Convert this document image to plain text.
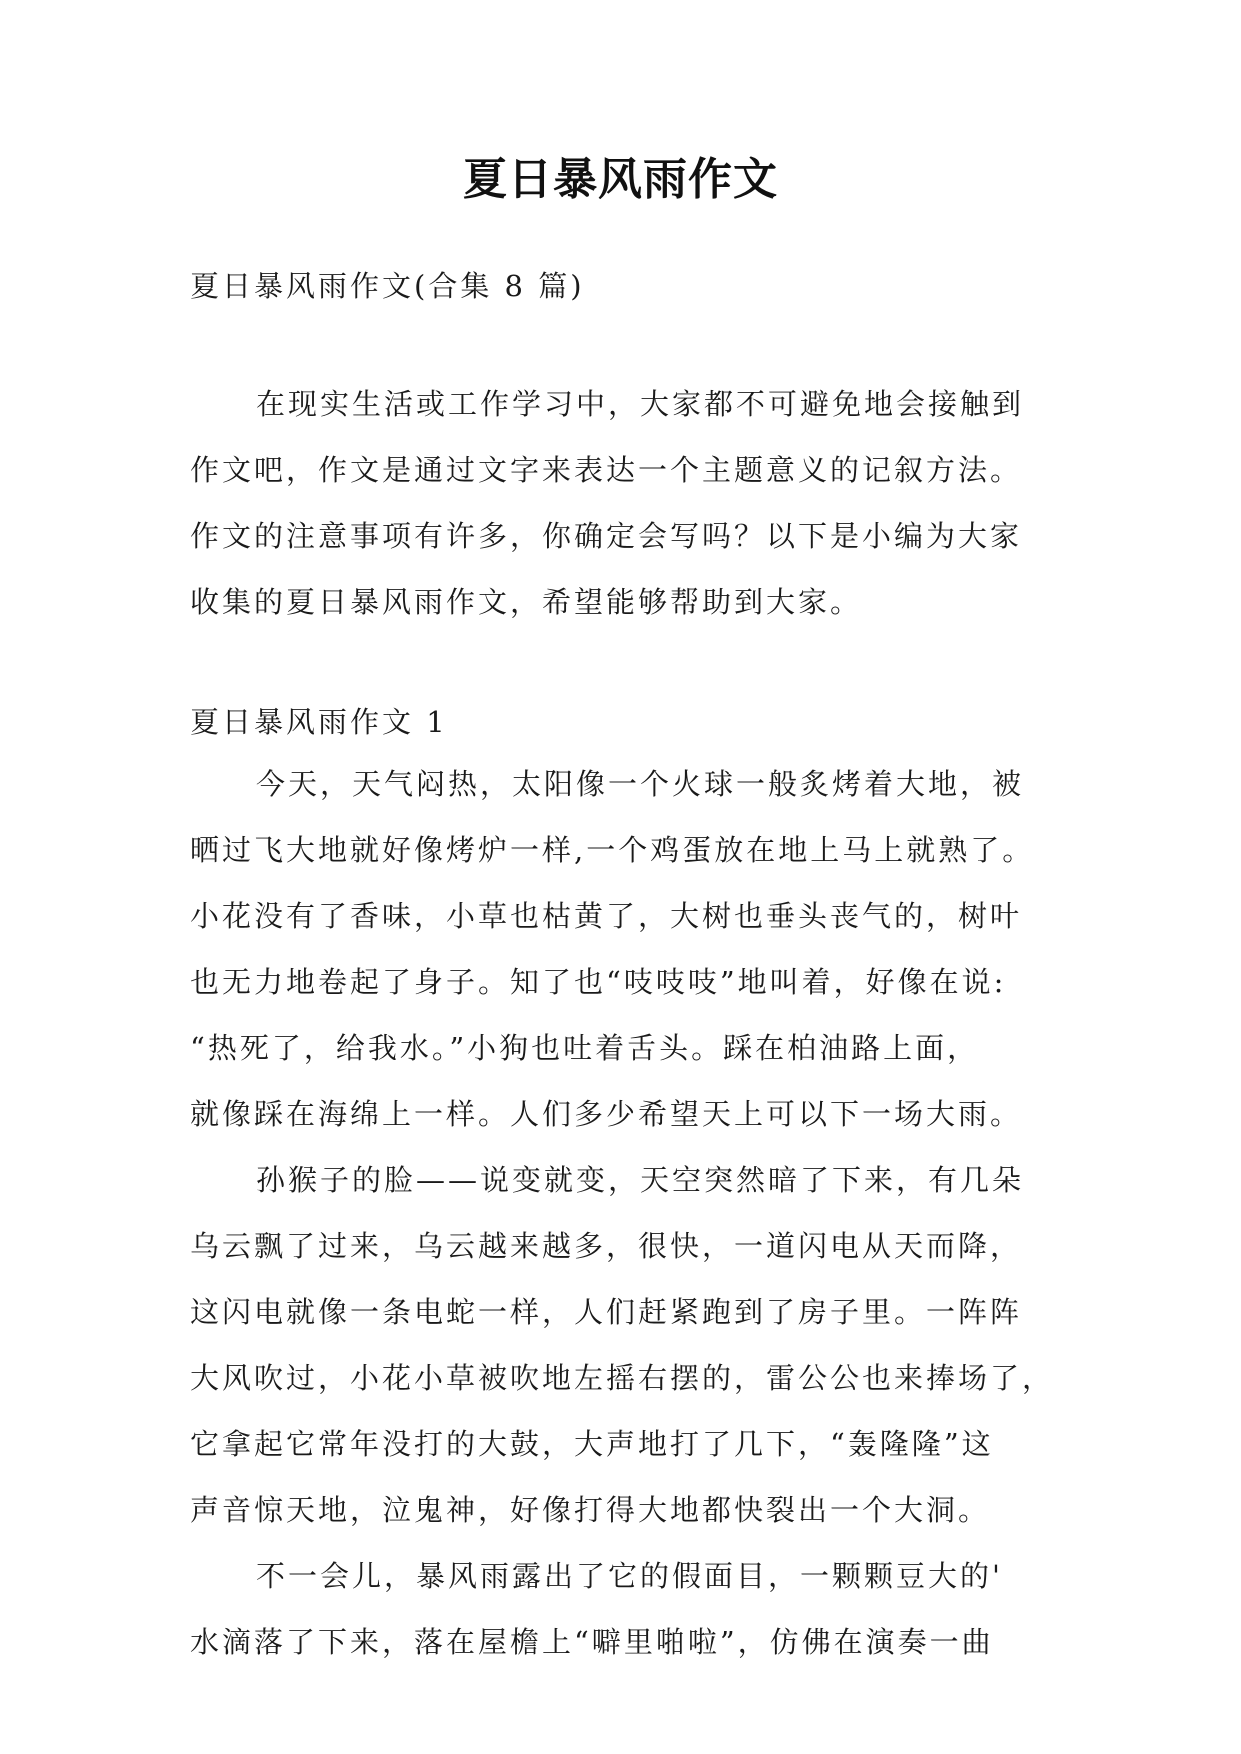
夏日暴风雨作文
夏日暴风雨作文(合集 8 篇)
在现实生活或工作学习中，大家都不可避免地会接触到
作文吧，作文是通过文字来表达一个主题意义的记叙方法。
作文的注意事项有许多，你确定会写吗？以下是小编为大家
收集的夏日暴风雨作文，希望能够帮助到大家。
夏日暴风雨作文 1
今天，天气闷热，太阳像一个火球一般炙烤着大地，被
晒过飞大地就好像烤炉一样,一个鸡蛋放在地上马上就熟了。
小花没有了香味，小草也枯黄了，大树也垂头丧气的，树叶
也无力地卷起了身子。知了也“吱吱吱”地叫着，好像在说:
“热死了，给我水。”小狗也吐着舌头。踩在柏油路上面，
就像踩在海绵上一样。人们多少希望天上可以下一场大雨。
孙猴子的脸——说变就变，天空突然暗了下来，有几朵
乌云飘了过来，乌云越来越多，很快，一道闪电从天而降，
这闪电就像一条电蛇一样，人们赶紧跑到了房子里。一阵阵
大风吹过，小花小草被吹地左摇右摆的，雷公公也来捧场了，
它拿起它常年没打的大鼓，大声地打了几下，“轰隆隆”这
声音惊天地，泣鬼神，好像打得大地都快裂出一个大洞。
不一会儿，暴风雨露出了它的假面目，一颗颗豆大的'
水滴落了下来，落在屋檐上“噼里啪啦”，仿佛在演奏一曲
